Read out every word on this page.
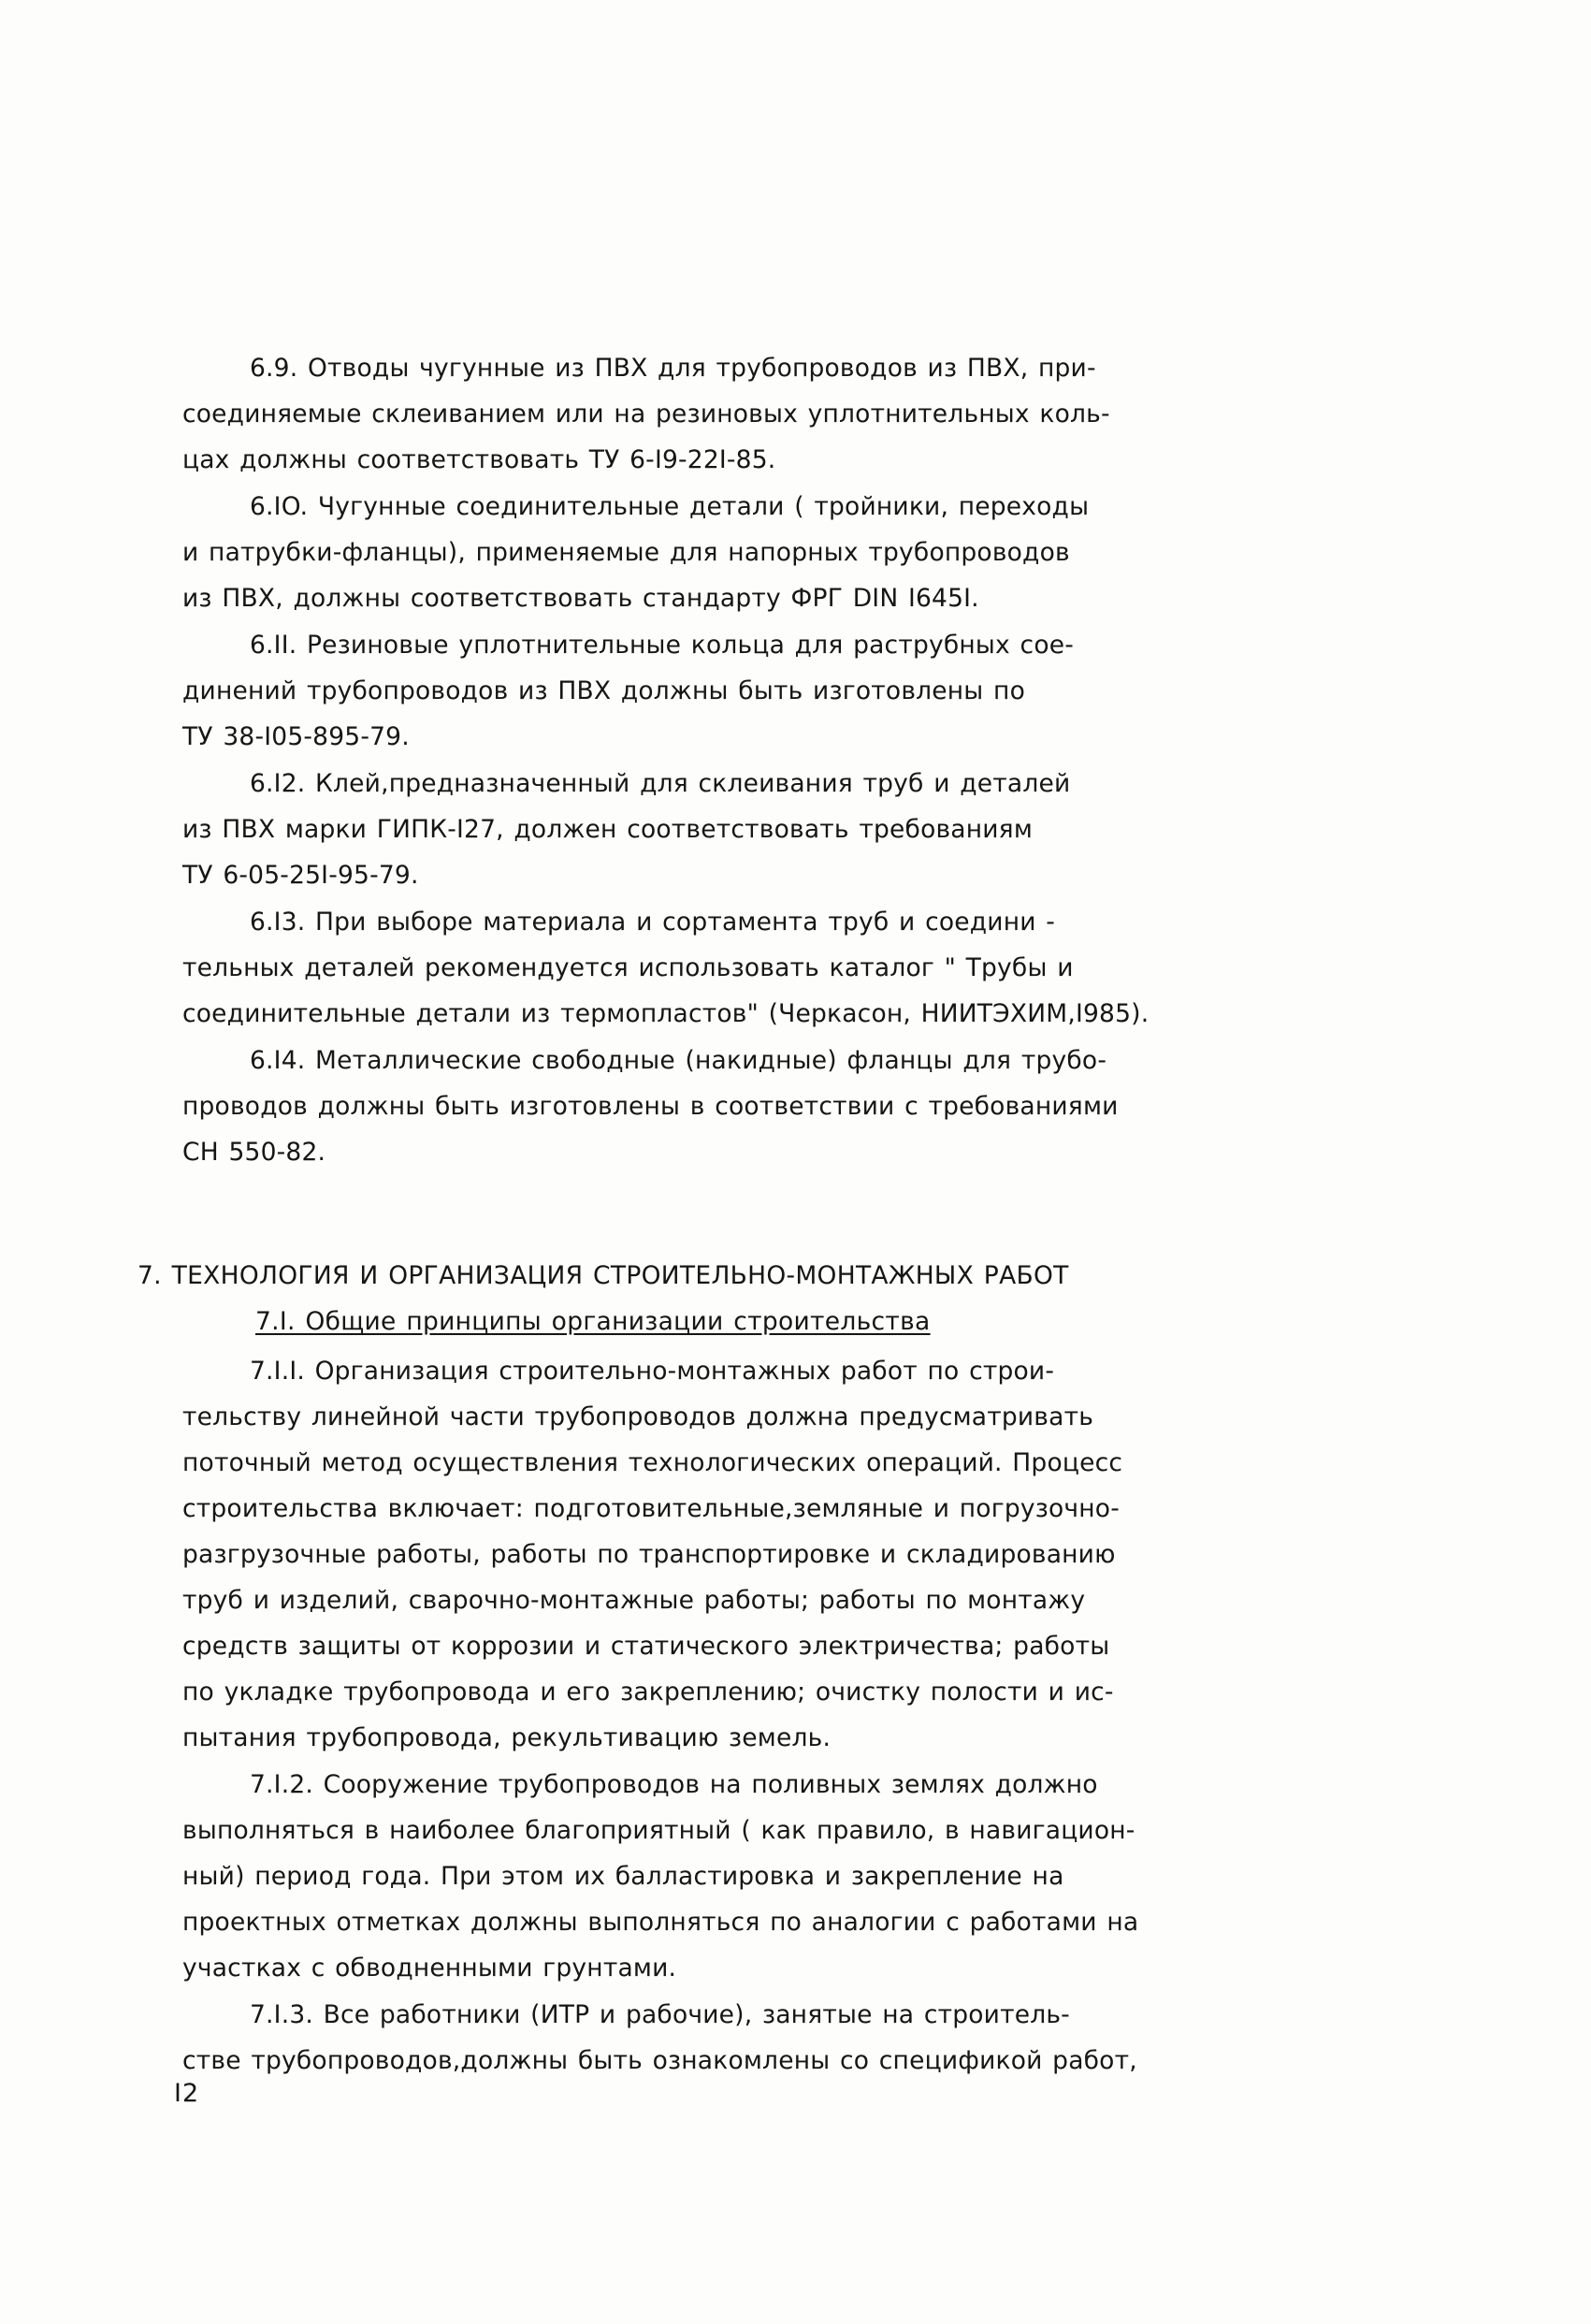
6.9. Отводы чугунные из ПВХ для трубопроводов из ПВХ, при-

соединяемые склеиванием или на резиновых уплотнительных коль-

цах должны соответствовать ТУ 6-I9-22I-85.

6.IO. Чугунные соединительные детали ( тройники, переходы

и патрубки-фланцы), применяемые для напорных трубопроводов

из ПВХ, должны соответствовать стандарту ФРГ DIN I645I.

6.II. Резиновые уплотнительные кольца для раструбных сое-

динений трубопроводов из ПВХ должны быть изготовлены по

ТУ 38-I05-895-79.

6.I2. Клей,предназначенный для склеивания труб и деталей

из ПВХ марки ГИПК-I27, должен соответствовать требованиям

ТУ 6-05-25I-95-79.

6.I3. При выборе материала и сортамента труб и соедини -

тельных деталей рекомендуется использовать каталог " Трубы и

соединительные детали из термопластов" (Черкасон, НИИТЭХИМ,I985).

6.I4. Металлические свободные (накидные) фланцы для трубо-

проводов должны быть изготовлены в соответствии с требованиями

СН 550-82.

7. ТЕХНОЛОГИЯ И ОРГАНИЗАЦИЯ СТРОИТЕЛЬНО-МОНТАЖНЫХ РАБОТ

7.I. Общие принципы организации строительства

7.I.I. Организация строительно-монтажных работ по строи-

тельству линейной части трубопроводов должна предусматривать

поточный метод осуществления технологических операций. Процесс

строительства включает: подготовительные,земляные и погрузочно-

разгрузочные работы, работы по транспортировке и складированию

труб и изделий, сварочно-монтажные работы; работы по монтажу

средств защиты от коррозии и статического электричества; работы

по укладке трубопровода и его закреплению; очистку полости и ис-

пытания трубопровода, рекультивацию земель.

7.I.2. Сооружение трубопроводов на поливных землях должно

выполняться в наиболее благоприятный ( как правило, в навигацион-

ный) период года. При этом их балластировка и закрепление на

проектных отметках должны выполняться по аналогии с работами на

участках с обводненными грунтами.

7.I.3. Все работники (ИТР и рабочие), занятые на строитель-

стве трубопроводов,должны быть ознакомлены со спецификой работ,

I2
